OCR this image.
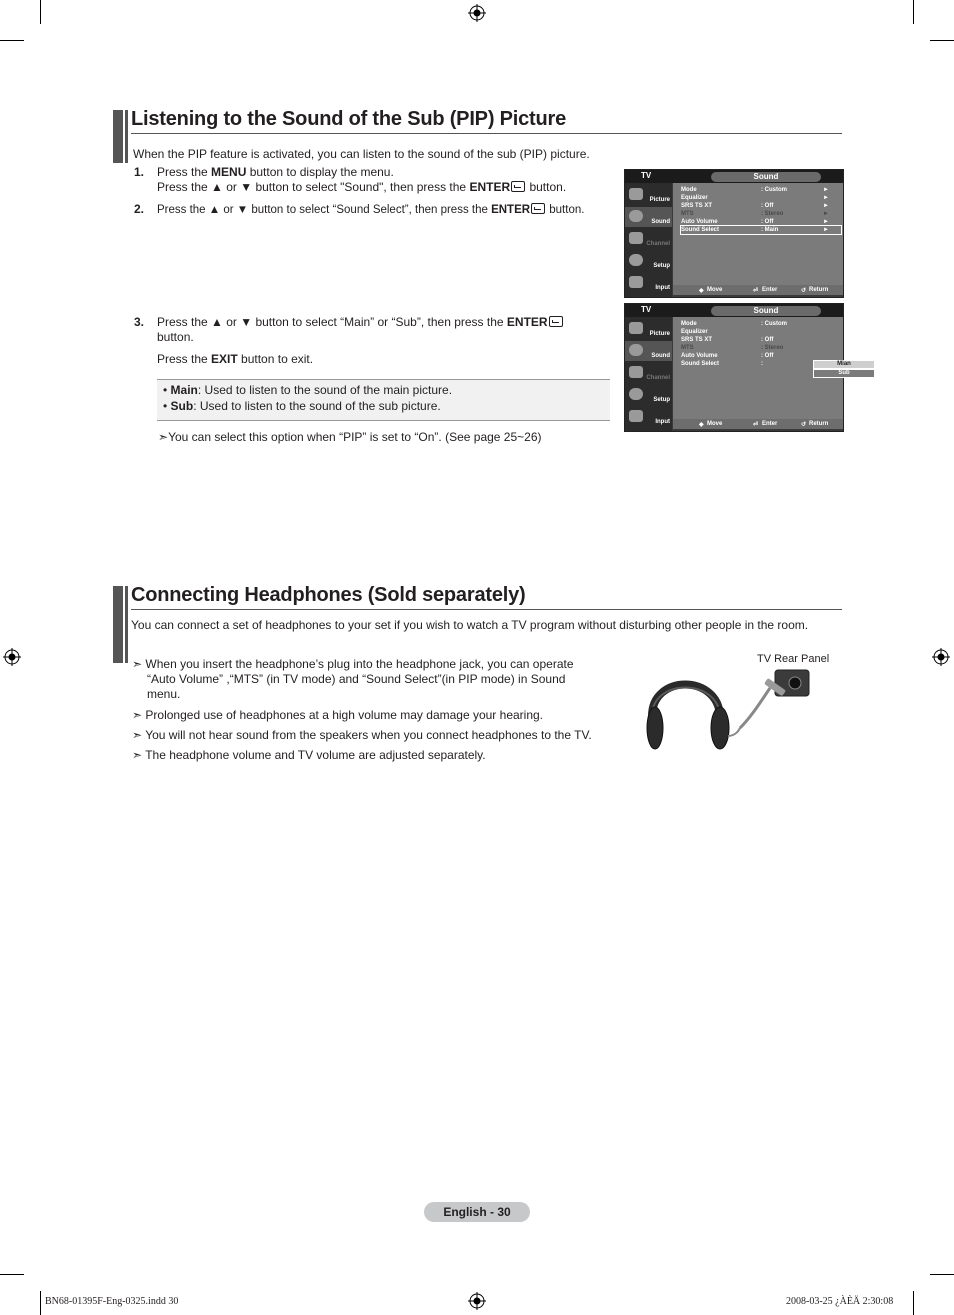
Listening to the Sound of the Sub (PIP) Picture
When the PIP feature is activated, you can listen to the sound of the sub (PIP) picture.
1. Press the MENU button to display the menu.
Press the ▲ or ▼ button to select "Sound", then press the ENTER button.
2. Press the ▲ or ▼ button to select “Sound Select”, then press the ENTER button.
3. Press the ▲ or ▼ button to select “Main” or “Sub”, then press the ENTER
button.
Press the EXIT button to exit.
• Main: Used to listen to the sound of the main picture.
• Sub: Used to listen to the sound of the sub picture.
➣You can select this option when “PIP” is set to “On”. (See page 25~26)
TV	Sound
Picture
Sound
Channel
Setup
Input
Mode	: Custom	►
Equalizer	►
SRS TS XT	: Off	►
MTS	: Stereo	►
Auto Volume	: Off	►
Sound Select	: Main	►
◆ Move	⏎ Enter	↺ Return
TV	Sound
Picture
Sound
Channel
Setup
Input
Mode	: Custom
Equalizer
SRS TS XT	: Off
MTS	: Stereo
Auto Volume	: Off
Sound Select	:	Mian
Sub
◆ Move	⏎ Enter	↺ Return
Connecting Headphones (Sold separately)
You can connect a set of headphones to your set if you wish to watch a TV program without disturbing other people in the room.
➣ When you insert the headphone’s plug into the headphone jack, you can operate
“Auto Volume” ,“MTS” (in TV mode) and “Sound Select”(in PIP mode) in Sound
menu.
➣ Prolonged use of headphones at a high volume may damage your hearing.
➣ You will not hear sound from the speakers when you connect headphones to the TV.
➣ The headphone volume and TV volume are adjusted separately.
TV Rear Panel
English - 30
BN68-01395F-Eng-0325.indd 30	2008-03-25 ¿ÀÈÄ 2:30:08
